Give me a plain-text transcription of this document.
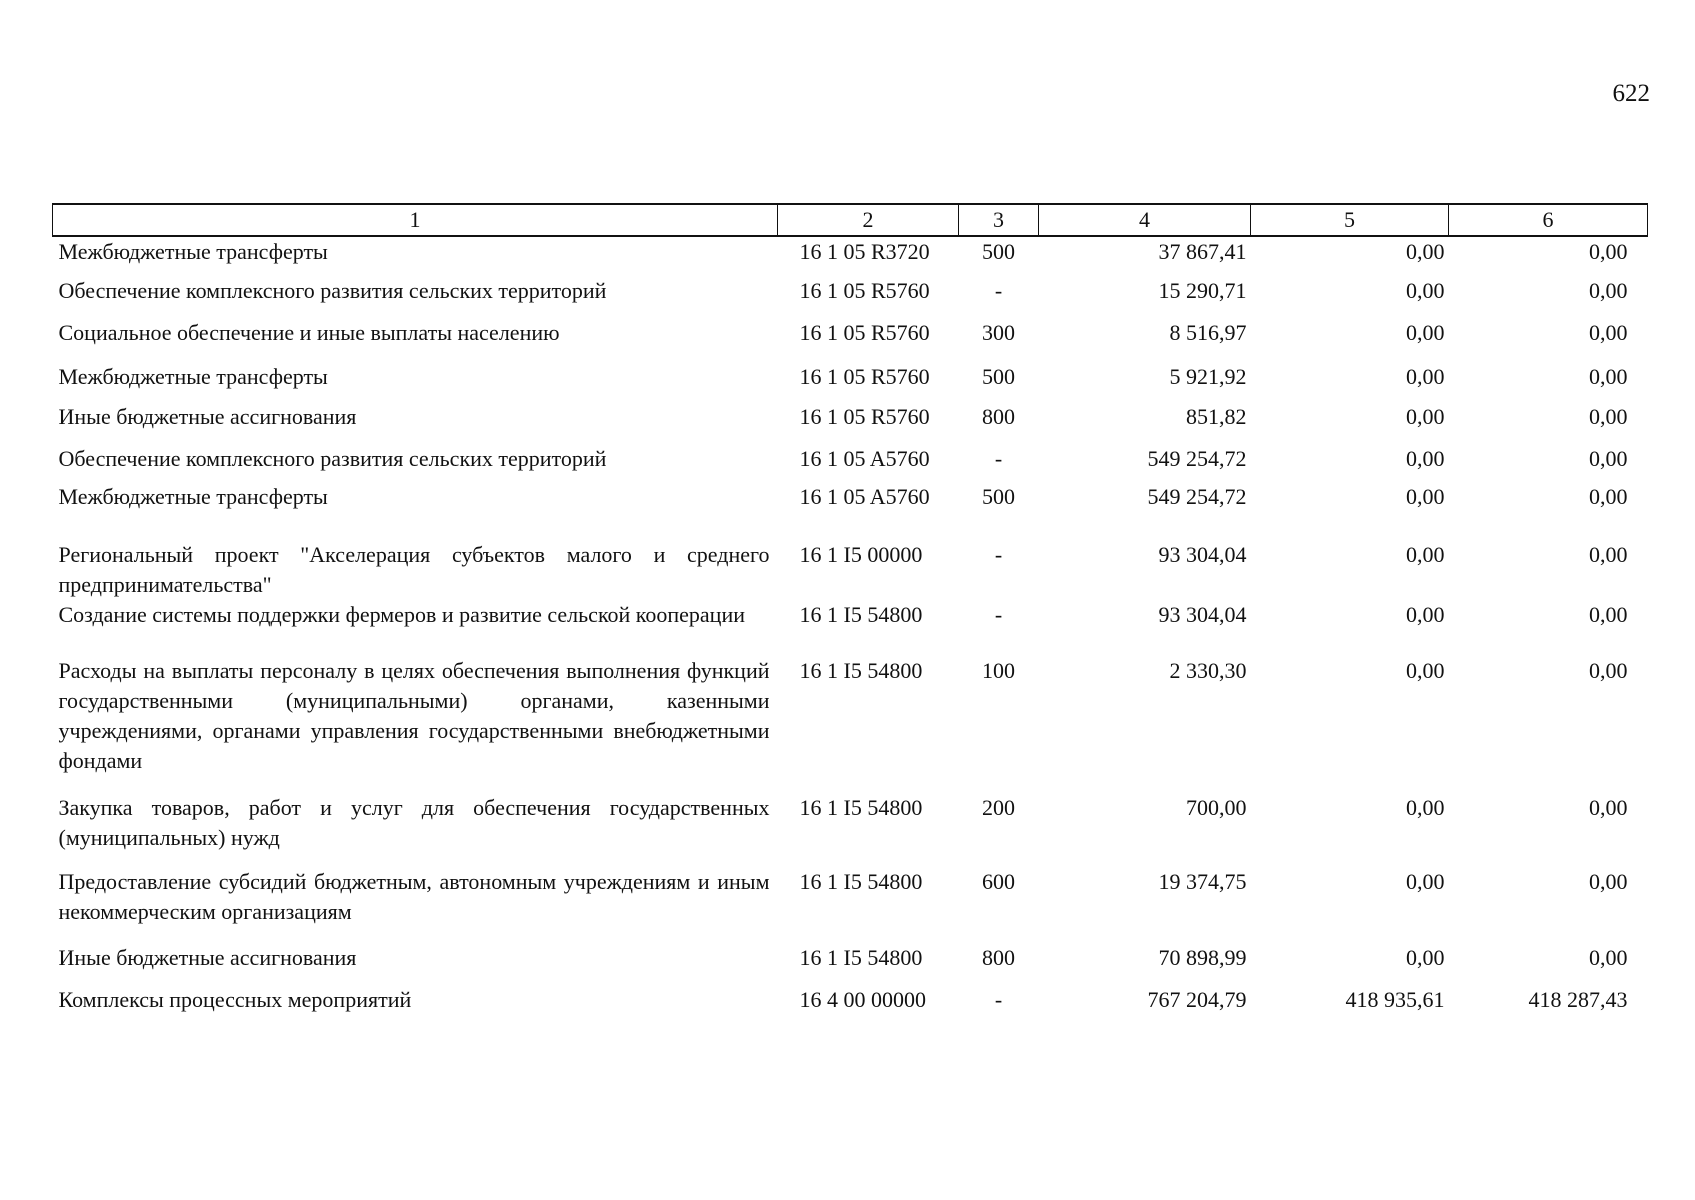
622
1	2	3	4	5	6
Межбюджетные трансферты	16 1 05 R3720	500	37 867,41	0,00	0,00
Обеспечение комплексного развития сельских территорий	16 1 05 R5760	-	15 290,71	0,00	0,00
Социальное обеспечение и иные выплаты населению	16 1 05 R5760	300	8 516,97	0,00	0,00
Межбюджетные трансферты	16 1 05 R5760	500	5 921,92	0,00	0,00
Иные бюджетные ассигнования	16 1 05 R5760	800	851,82	0,00	0,00
Обеспечение комплексного развития сельских территорий	16 1 05 A5760	-	549 254,72	0,00	0,00
Межбюджетные трансферты	16 1 05 A5760	500	549 254,72	0,00	0,00
Региональный проект "Акселерация субъектов малого и среднего предпринимательства"	16 1 I5 00000	-	93 304,04	0,00	0,00
Создание системы поддержки фермеров и развитие сельской кооперации	16 1 I5 54800	-	93 304,04	0,00	0,00
Расходы на выплаты персоналу в целях обеспечения выполнения функций государственными (муниципальными) органами, казенными учреждениями, органами управления государственными внебюджетными фондами	16 1 I5 54800	100	2 330,30	0,00	0,00
Закупка товаров, работ и услуг для обеспечения государственных (муниципальных) нужд	16 1 I5 54800	200	700,00	0,00	0,00
Предоставление субсидий бюджетным, автономным учреждениям и иным некоммерческим организациям	16 1 I5 54800	600	19 374,75	0,00	0,00
Иные бюджетные ассигнования	16 1 I5 54800	800	70 898,99	0,00	0,00
Комплексы процессных мероприятий	16 4 00 00000	-	767 204,79	418 935,61	418 287,43
